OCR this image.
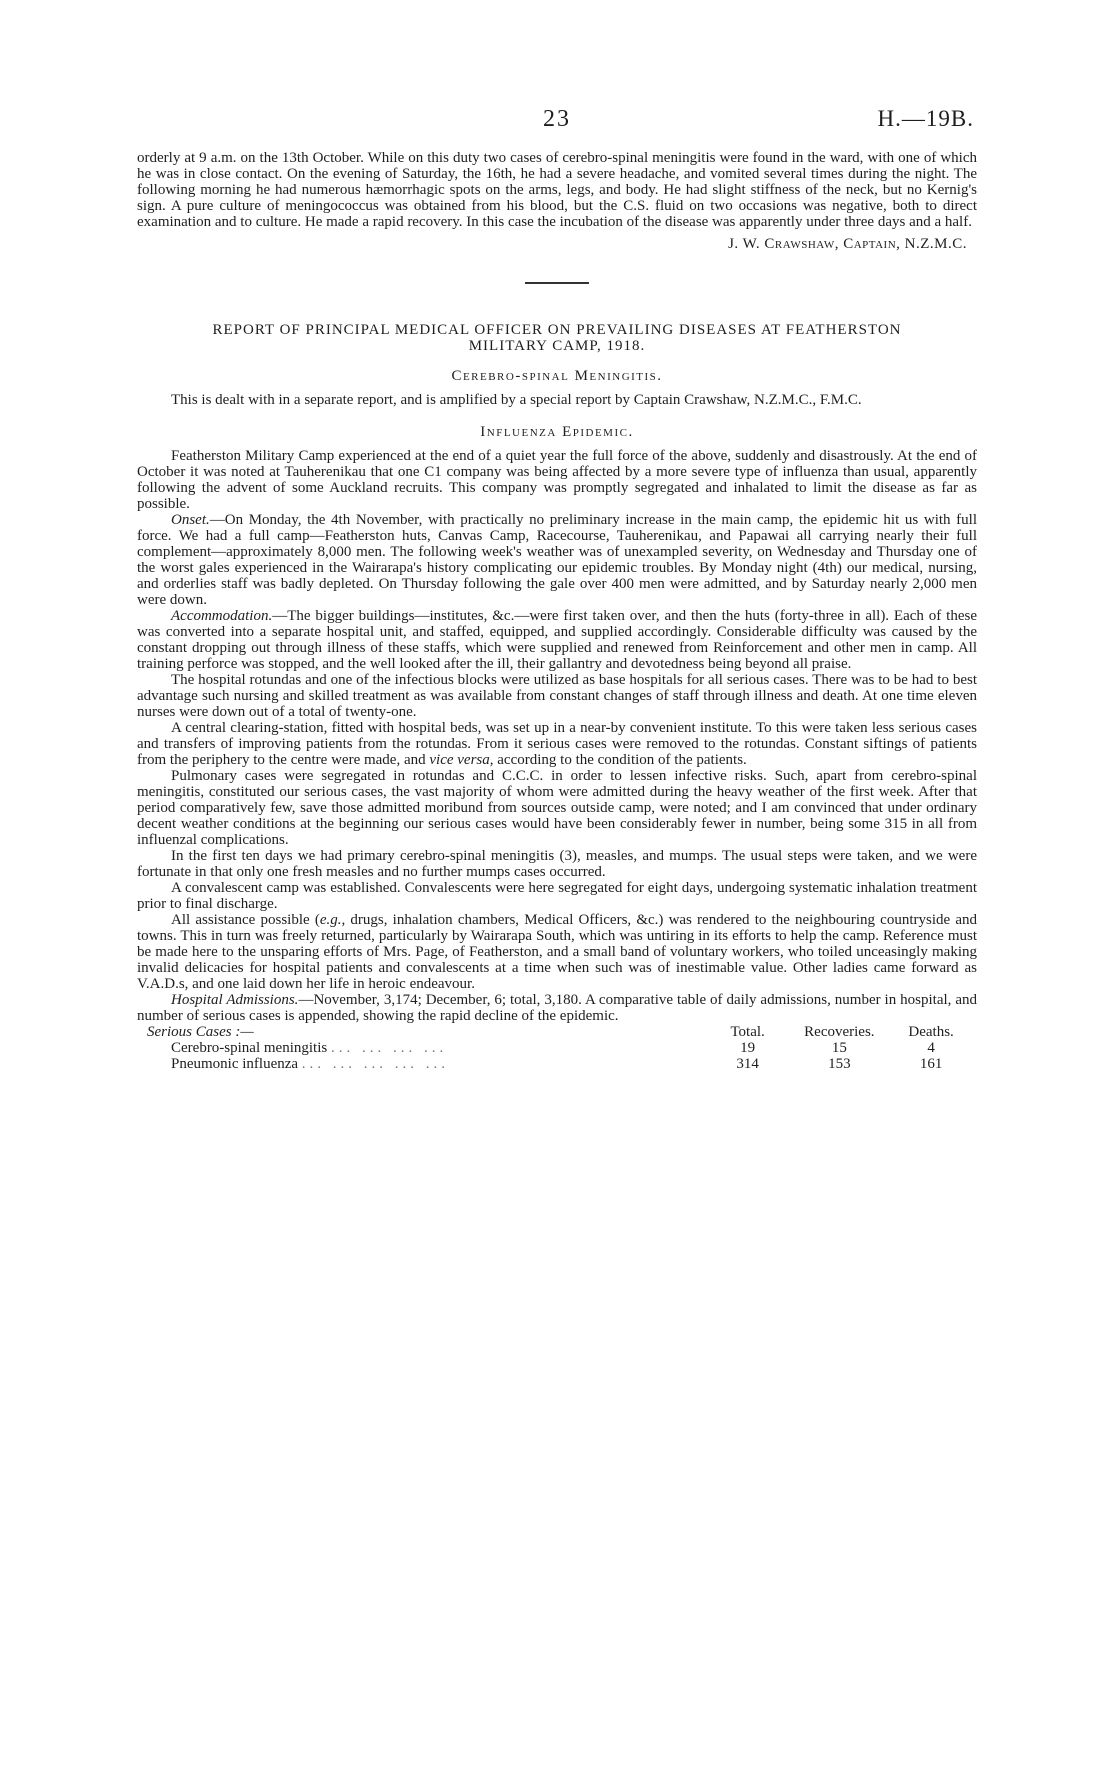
23	H.—19B.

orderly at 9 a.m. on the 13th October. While on this duty two cases of cerebro-spinal meningitis were found in the ward, with one of which he was in close contact. On the evening of Saturday, the 16th, he had a severe headache, and vomited several times during the night. The following morning he had numerous hæmorrhagic spots on the arms, legs, and body. He had slight stiffness of the neck, but no Kernig's sign. A pure culture of meningococcus was obtained from his blood, but the C.S. fluid on two occasions was negative, both to direct examination and to culture. He made a rapid recovery. In this case the incubation of the disease was apparently under three days and a half.

J. W. Crawshaw, Captain, N.Z.M.C.

REPORT OF PRINCIPAL MEDICAL OFFICER ON PREVAILING DISEASES AT FEATHERSTON

MILITARY CAMP, 1918.

Cerebro-spinal Meningitis.

This is dealt with in a separate report, and is amplified by a special report by Captain Crawshaw, N.Z.M.C., F.M.C.

Influenza Epidemic.

Featherston Military Camp experienced at the end of a quiet year the full force of the above, suddenly and disastrously. At the end of October it was noted at Tauherenikau that one C1 company was being affected by a more severe type of influenza than usual, apparently following the advent of some Auckland recruits. This company was promptly segregated and inhalated to limit the disease as far as possible.

Onset.—On Monday, the 4th November, with practically no preliminary increase in the main camp, the epidemic hit us with full force. We had a full camp—Featherston huts, Canvas Camp, Racecourse, Tauherenikau, and Papawai all carrying nearly their full complement—approximately 8,000 men. The following week's weather was of unexampled severity, on Wednesday and Thursday one of the worst gales experienced in the Wairarapa's history complicating our epidemic troubles. By Monday night (4th) our medical, nursing, and orderlies staff was badly depleted. On Thursday following the gale over 400 men were admitted, and by Saturday nearly 2,000 men were down.

Accommodation.—The bigger buildings—institutes, &c.—were first taken over, and then the huts (forty-three in all). Each of these was converted into a separate hospital unit, and staffed, equipped, and supplied accordingly. Considerable difficulty was caused by the constant dropping out through illness of these staffs, which were supplied and renewed from Reinforcement and other men in camp. All training perforce was stopped, and the well looked after the ill, their gallantry and devotedness being beyond all praise.

The hospital rotundas and one of the infectious blocks were utilized as base hospitals for all serious cases. There was to be had to best advantage such nursing and skilled treatment as was available from constant changes of staff through illness and death. At one time eleven nurses were down out of a total of twenty-one.

A central clearing-station, fitted with hospital beds, was set up in a near-by convenient institute. To this were taken less serious cases and transfers of improving patients from the rotundas. From it serious cases were removed to the rotundas. Constant siftings of patients from the periphery to the centre were made, and vice versa, according to the condition of the patients.

Pulmonary cases were segregated in rotundas and C.C.C. in order to lessen infective risks. Such, apart from cerebro-spinal meningitis, constituted our serious cases, the vast majority of whom were admitted during the heavy weather of the first week. After that period comparatively few, save those admitted moribund from sources outside camp, were noted; and I am convinced that under ordinary decent weather conditions at the beginning our serious cases would have been considerably fewer in number, being some 315 in all from influenzal complications.

In the first ten days we had primary cerebro-spinal meningitis (3), measles, and mumps. The usual steps were taken, and we were fortunate in that only one fresh measles and no further mumps cases occurred.

A convalescent camp was established. Convalescents were here segregated for eight days, undergoing systematic inhalation treatment prior to final discharge.

All assistance possible (e.g., drugs, inhalation chambers, Medical Officers, &c.) was rendered to the neighbouring countryside and towns. This in turn was freely returned, particularly by Wairarapa South, which was untiring in its efforts to help the camp. Reference must be made here to the unsparing efforts of Mrs. Page, of Featherston, and a small band of voluntary workers, who toiled unceasingly making invalid delicacies for hospital patients and convalescents at a time when such was of inestimable value. Other ladies came forward as V.A.D.s, and one laid down her life in heroic endeavour.

Hospital Admissions.—November, 3,174; December, 6; total, 3,180. A comparative table of daily admissions, number in hospital, and number of serious cases is appended, showing the rapid decline of the epidemic.

Serious Cases :—	Total.	Recoveries.	Deaths.
Cerebro-spinal meningitis ... ... ... ...	19	15	4
Pneumonic influenza ... ... ... ... ...	314	153	161
